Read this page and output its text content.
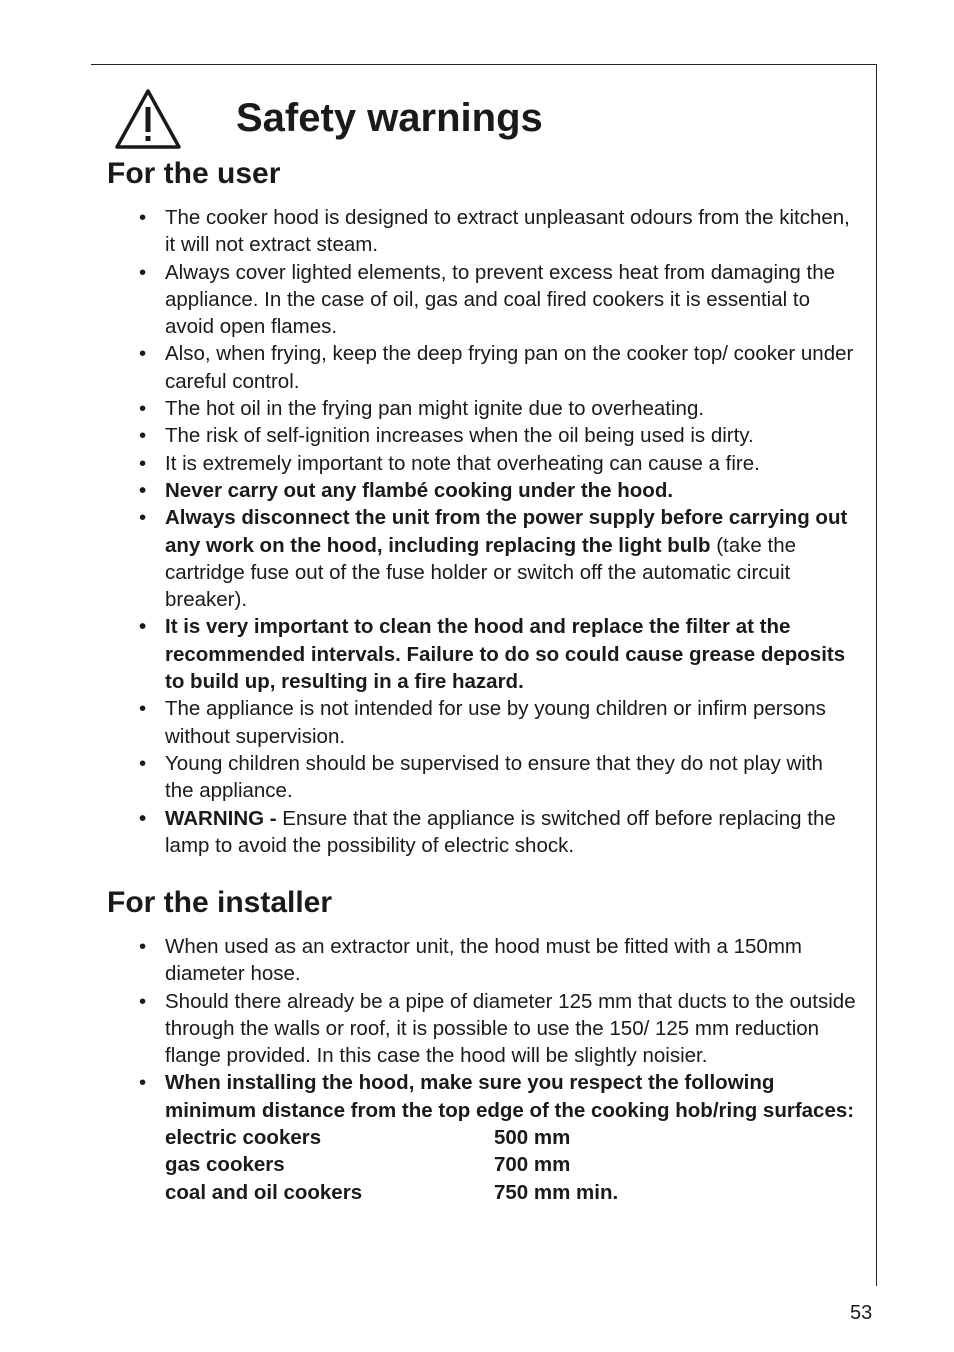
Safety warnings
For the user
• The cooker hood is designed to extract unpleasant odours from the kitchen, it will not extract steam.
• Always cover lighted elements, to prevent excess heat from damaging the appliance. In the case of oil, gas and coal fired cookers it is essential to avoid open flames.
• Also, when frying, keep the deep frying pan on the cooker top/ cooker under careful control.
• The hot oil in the frying pan might ignite due to overheating.
• The risk of self-ignition increases when the oil being used is dirty.
• It is extremely important to note that overheating can cause a fire.
• Never carry out any flambé cooking under the hood.
• Always disconnect the unit from the power supply before carrying out any work on the hood, including replacing the light bulb (take the cartridge fuse out of the fuse holder or switch off the automatic circuit breaker).
• It is very important to clean the hood and replace the filter at the recommended intervals. Failure to do so could cause grease deposits to build up, resulting in a fire hazard.
• The appliance is not intended for use by young children or infirm persons without supervision.
• Young children should be supervised to ensure that they do not play with the appliance.
• WARNING - Ensure that the appliance is switched off before replacing the lamp to avoid the possibility of electric shock.
For the installer
• When used as an extractor unit, the hood must be fitted with a 150mm diameter hose.
• Should there already be a pipe of diameter 125 mm that ducts to the outside through the walls or roof, it is possible to use the 150/ 125 mm reduction flange provided. In this case the hood will be slightly noisier.
• When installing the hood, make sure you respect the following minimum distance from the top edge of the cooking hob/ring surfaces:
electric cookers	500 mm
gas cookers	700 mm
coal and oil cookers	750 mm min.
53
